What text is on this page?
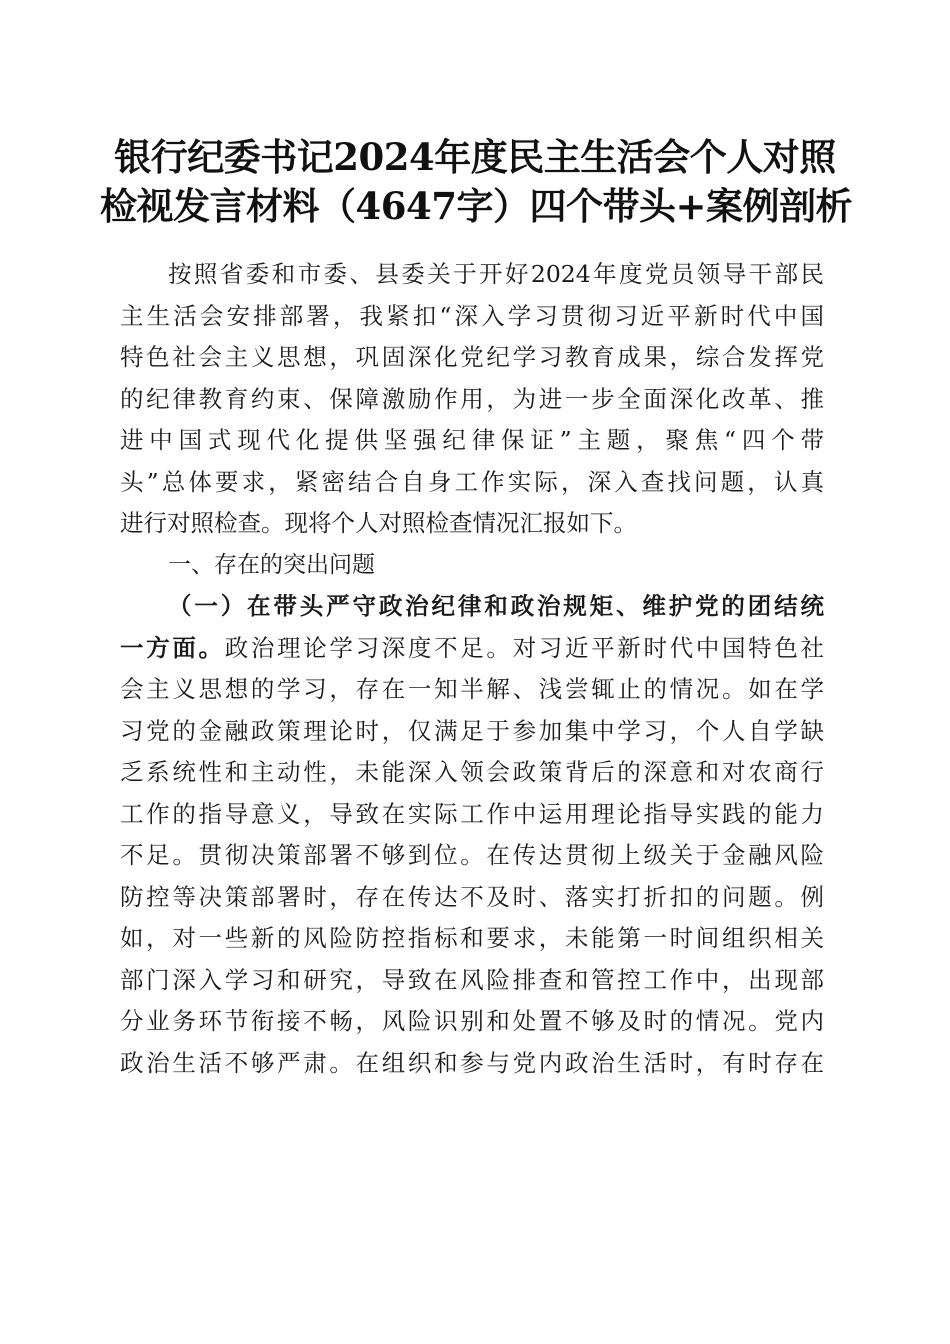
银行纪委书记2024年度民主生活会个人对照
检视发言材料（4647字）四个带头+案例剖析
按照省委和市委、县委关于开好2024年度党员领导干部民
主生活会安排部署，我紧扣“深入学习贯彻习近平新时代中国
特色社会主义思想，巩固深化党纪学习教育成果，综合发挥党
的纪律教育约束、保障激励作用，为进一步全面深化改革、推
进中国式现代化提供坚强纪律保证”主题，聚焦“四个带
头”总体要求，紧密结合自身工作实际，深入查找问题，认真
进行对照检查。现将个人对照检查情况汇报如下。
一、存在的突出问题
（一）在带头严守政治纪律和政治规矩、维护党的团结统
一方面。政治理论学习深度不足。对习近平新时代中国特色社
会主义思想的学习，存在一知半解、浅尝辄止的情况。如在学
习党的金融政策理论时，仅满足于参加集中学习，个人自学缺
乏系统性和主动性，未能深入领会政策背后的深意和对农商行
工作的指导意义，导致在实际工作中运用理论指导实践的能力
不足。贯彻决策部署不够到位。在传达贯彻上级关于金融风险
防控等决策部署时，存在传达不及时、落实打折扣的问题。例
如，对一些新的风险防控指标和要求，未能第一时间组织相关
部门深入学习和研究，导致在风险排查和管控工作中，出现部
分业务环节衔接不畅，风险识别和处置不够及时的情况。党内
政治生活不够严肃。在组织和参与党内政治生活时，有时存在
